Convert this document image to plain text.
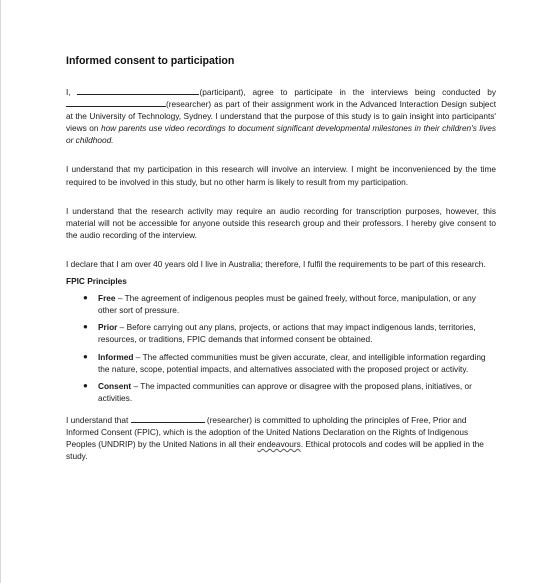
Informed consent to participation

I,	(participant), agree to participate in the interviews being conducted by (researcher) as part of their assignment work in the Advanced Interaction Design subject at the University of Technology, Sydney. I understand that the purpose of this study is to gain insight into participants' views on how parents use video recordings to document significant developmental milestones in their children's lives or childhood.

I understand that my participation in this research will involve an interview. I might be inconvenienced by the time required to be involved in this study, but no other harm is likely to result from my participation.

I understand that the research activity may require an audio recording for transcription purposes, however, this material will not be accessible for anyone outside this research group and their professors. I hereby give consent to the audio recording of the interview.

I declare that I am over 40 years old I live in Australia; therefore, I fulfil the requirements to be part of this research.

FPIC Principles
● Free – The agreement of indigenous peoples must be gained freely, without force, manipulation, or any other sort of pressure.
● Prior – Before carrying out any plans, projects, or actions that may impact indigenous lands, territories, resources, or traditions, FPIC demands that informed consent be obtained.
● Informed – The affected communities must be given accurate, clear, and intelligible information regarding the nature, scope, potential impacts, and alternatives associated with the proposed project or activity.
● Consent – The impacted communities can approve or disagree with the proposed plans, initiatives, or activities.

I understand that	(researcher) is committed to upholding the principles of Free, Prior and Informed Consent (FPIC), which is the adoption of the United Nations Declaration on the Rights of Indigenous Peoples (UNDRIP) by the United Nations in all their endeavours. Ethical protocols and codes will be applied in the study.
